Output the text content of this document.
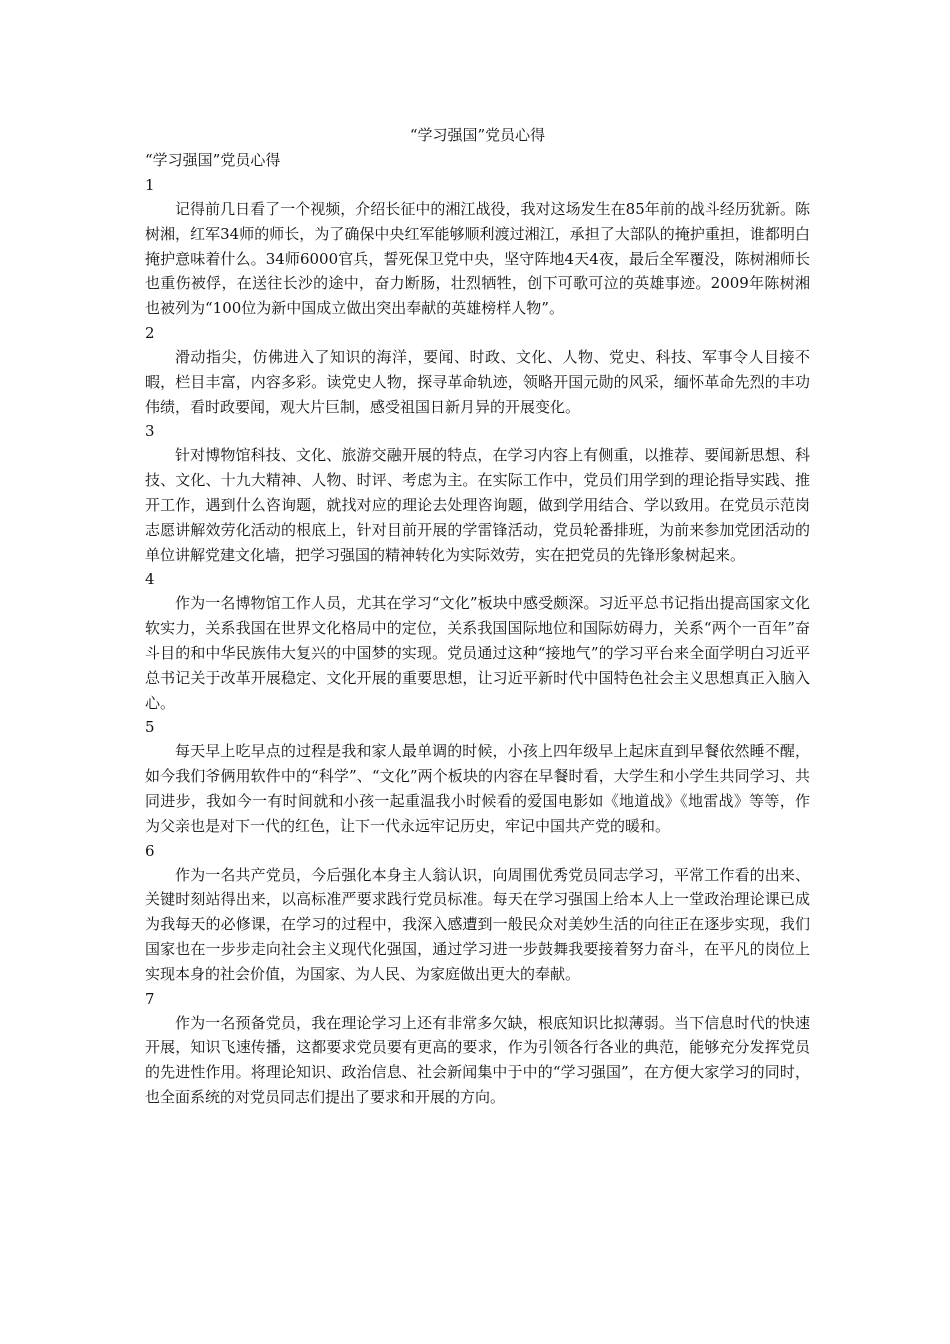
“学习强国”党员心得

“学习强国”党员心得

1

记得前几日看了一个视频，介绍长征中的湘江战役，我对这场发生在85年前的战斗经历犹新。陈树湘，红军34师的师长，为了确保中央红军能够顺利渡过湘江，承担了大部队的掩护重担，谁都明白掩护意味着什么。34师6000官兵，誓死保卫党中央，坚守阵地4天4夜，最后全军覆没，陈树湘师长也重伤被俘，在送往长沙的途中，奋力断肠，壮烈牺牲，创下可歌可泣的英雄事迹。2009年陈树湘也被列为“100位为新中国成立做出突出奉献的英雄榜样人物”。

2

滑动指尖，仿佛进入了知识的海洋，要闻、时政、文化、人物、党史、科技、军事令人目接不暇，栏目丰富，内容多彩。读党史人物，探寻革命轨迹，领略开国元勋的风采，缅怀革命先烈的丰功伟绩，看时政要闻，观大片巨制，感受祖国日新月异的开展变化。

3

针对博物馆科技、文化、旅游交融开展的特点，在学习内容上有侧重，以推荐、要闻新思想、科技、文化、十九大精神、人物、时评、考虑为主。在实际工作中，党员们用学到的理论指导实践、推开工作，遇到什么咨询题，就找对应的理论去处理咨询题，做到学用结合、学以致用。在党员示范岗志愿讲解效劳化活动的根底上，针对目前开展的学雷锋活动，党员轮番排班，为前来参加党团活动的单位讲解党建文化墙，把学习强国的精神转化为实际效劳，实在把党员的先锋形象树起来。

4

作为一名博物馆工作人员，尤其在学习“文化”板块中感受颇深。习近平总书记指出提高国家文化软实力，关系我国在世界文化格局中的定位，关系我国国际地位和国际妨碍力，关系“两个一百年”奋斗目的和中华民族伟大复兴的中国梦的实现。党员通过这种“接地气”的学习平台来全面学明白习近平总书记关于改革开展稳定、文化开展的重要思想，让习近平新时代中国特色社会主义思想真正入脑入心。

5

每天早上吃早点的过程是我和家人最单调的时候，小孩上四年级早上起床直到早餐依然睡不醒，如今我们爷俩用软件中的“科学”、“文化”两个板块的内容在早餐时看，大学生和小学生共同学习、共同进步，我如今一有时间就和小孩一起重温我小时候看的爱国电影如《地道战》《地雷战》等等，作为父亲也是对下一代的红色，让下一代永远牢记历史，牢记中国共产党的暖和。

6

作为一名共产党员，今后强化本身主人翁认识，向周围优秀党员同志学习，平常工作看的出来、关键时刻站得出来，以高标准严要求践行党员标准。每天在学习强国上给本人上一堂政治理论课已成为我每天的必修课，在学习的过程中，我深入感遭到一般民众对美妙生活的向往正在逐步实现，我们国家也在一步步走向社会主义现代化强国，通过学习进一步鼓舞我要接着努力奋斗，在平凡的岗位上实现本身的社会价值，为国家、为人民、为家庭做出更大的奉献。

7

作为一名预备党员，我在理论学习上还有非常多欠缺，根底知识比拟薄弱。当下信息时代的快速开展，知识飞速传播，这都要求党员要有更高的要求，作为引领各行各业的典范，能够充分发挥党员的先进性作用。将理论知识、政治信息、社会新闻集中于中的“学习强国”，在方便大家学习的同时，也全面系统的对党员同志们提出了要求和开展的方向。
